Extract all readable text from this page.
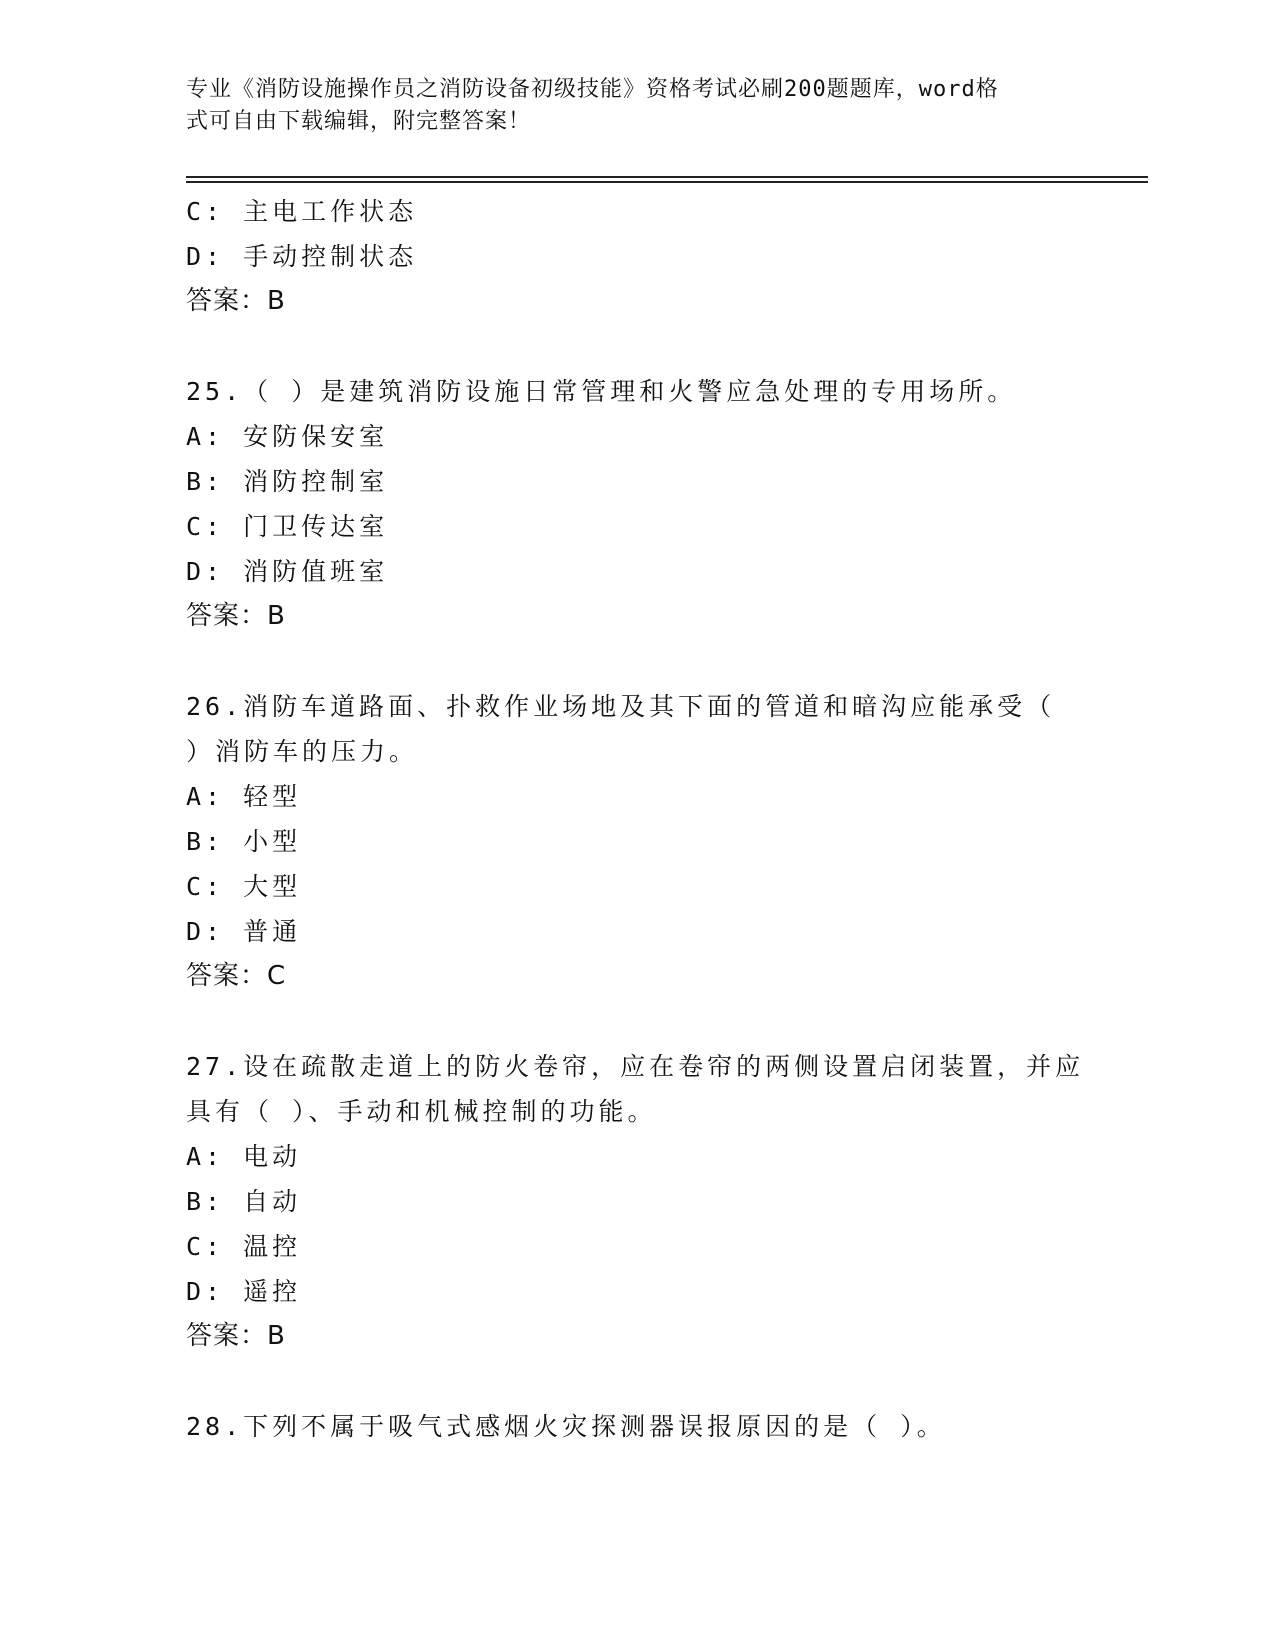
专业《消防设施操作员之消防设备初级技能》资格考试必刷200题题库，word格
式可自由下载编辑，附完整答案！
C: 主电工作状态
D: 手动控制状态
答案：B
25.（ ）是建筑消防设施日常管理和火警应急处理的专用场所。
A: 安防保安室
B: 消防控制室
C: 门卫传达室
D: 消防值班室
答案：B
26.消防车道路面、扑救作业场地及其下面的管道和暗沟应能承受（
）消防车的压力。
A: 轻型
B: 小型
C: 大型
D: 普通
答案：C
27.设在疏散走道上的防火卷帘，应在卷帘的两侧设置启闭装置，并应
具有（ ）、手动和机械控制的功能。
A: 电动
B: 自动
C: 温控
D: 遥控
答案：B
28.下列不属于吸气式感烟火灾探测器误报原因的是（ ）。
